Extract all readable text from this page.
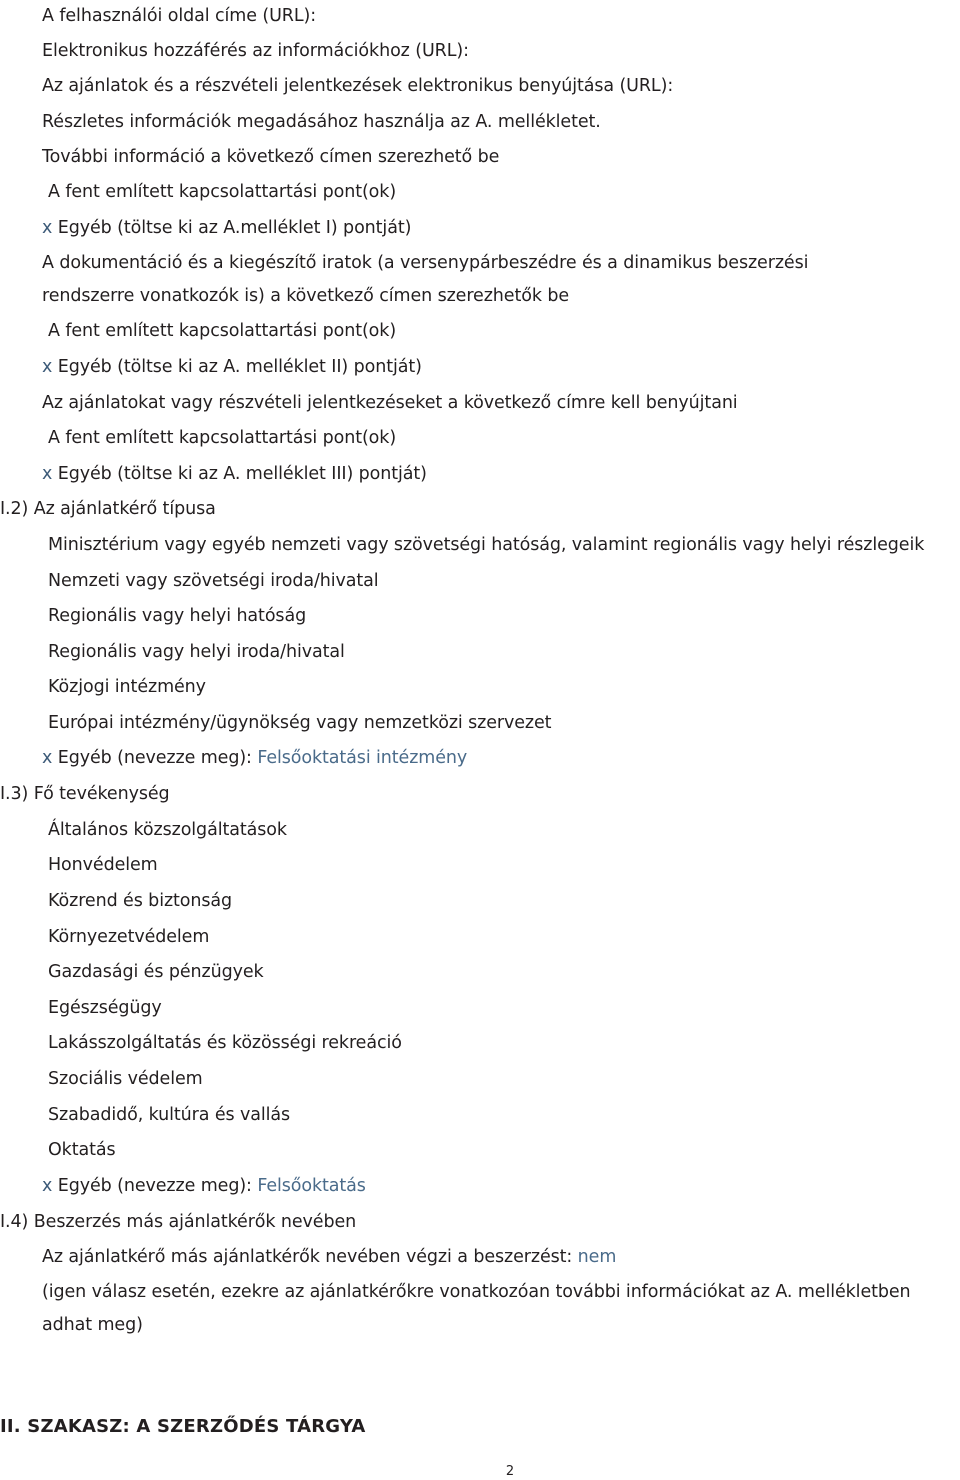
A felhasználói oldal címe (URL):
Elektronikus hozzáférés az információkhoz (URL):
Az ajánlatok és a részvételi jelentkezések elektronikus benyújtása (URL):
Részletes információk megadásához használja az A. mellékletet.
További információ a következő címen szerezhető be
A fent említett kapcsolattartási pont(ok)
x Egyéb (töltse ki az A.melléklet I) pontját)
A dokumentáció és a kiegészítő iratok (a versenypárbeszédre és a dinamikus beszerzési
rendszerre vonatkozók is) a következő címen szerezhetők be
A fent említett kapcsolattartási pont(ok)
x Egyéb (töltse ki az A. melléklet II) pontját)
Az ajánlatokat vagy részvételi jelentkezéseket a következő címre kell benyújtani
A fent említett kapcsolattartási pont(ok)
x Egyéb (töltse ki az A. melléklet III) pontját)
I.2) Az ajánlatkérő típusa
Minisztérium vagy egyéb nemzeti vagy szövetségi hatóság, valamint regionális vagy helyi részlegeik
Nemzeti vagy szövetségi iroda/hivatal
Regionális vagy helyi hatóság
Regionális vagy helyi iroda/hivatal
Közjogi intézmény
Európai intézmény/ügynökség vagy nemzetközi szervezet
x Egyéb (nevezze meg): Felsőoktatási intézmény
I.3) Fő tevékenység
Általános közszolgáltatások
Honvédelem
Közrend és biztonság
Környezetvédelem
Gazdasági és pénzügyek
Egészségügy
Lakásszolgáltatás és közösségi rekreáció
Szociális védelem
Szabadidő, kultúra és vallás
Oktatás
x Egyéb (nevezze meg): Felsőoktatás
I.4) Beszerzés más ajánlatkérők nevében
Az ajánlatkérő más ajánlatkérők nevében végzi a beszerzést: nem
(igen válasz esetén, ezekre az ajánlatkérőkre vonatkozóan további információkat az A. mellékletben
adhat meg)
II. SZAKASZ: A SZERZŐDÉS TÁRGYA
2
